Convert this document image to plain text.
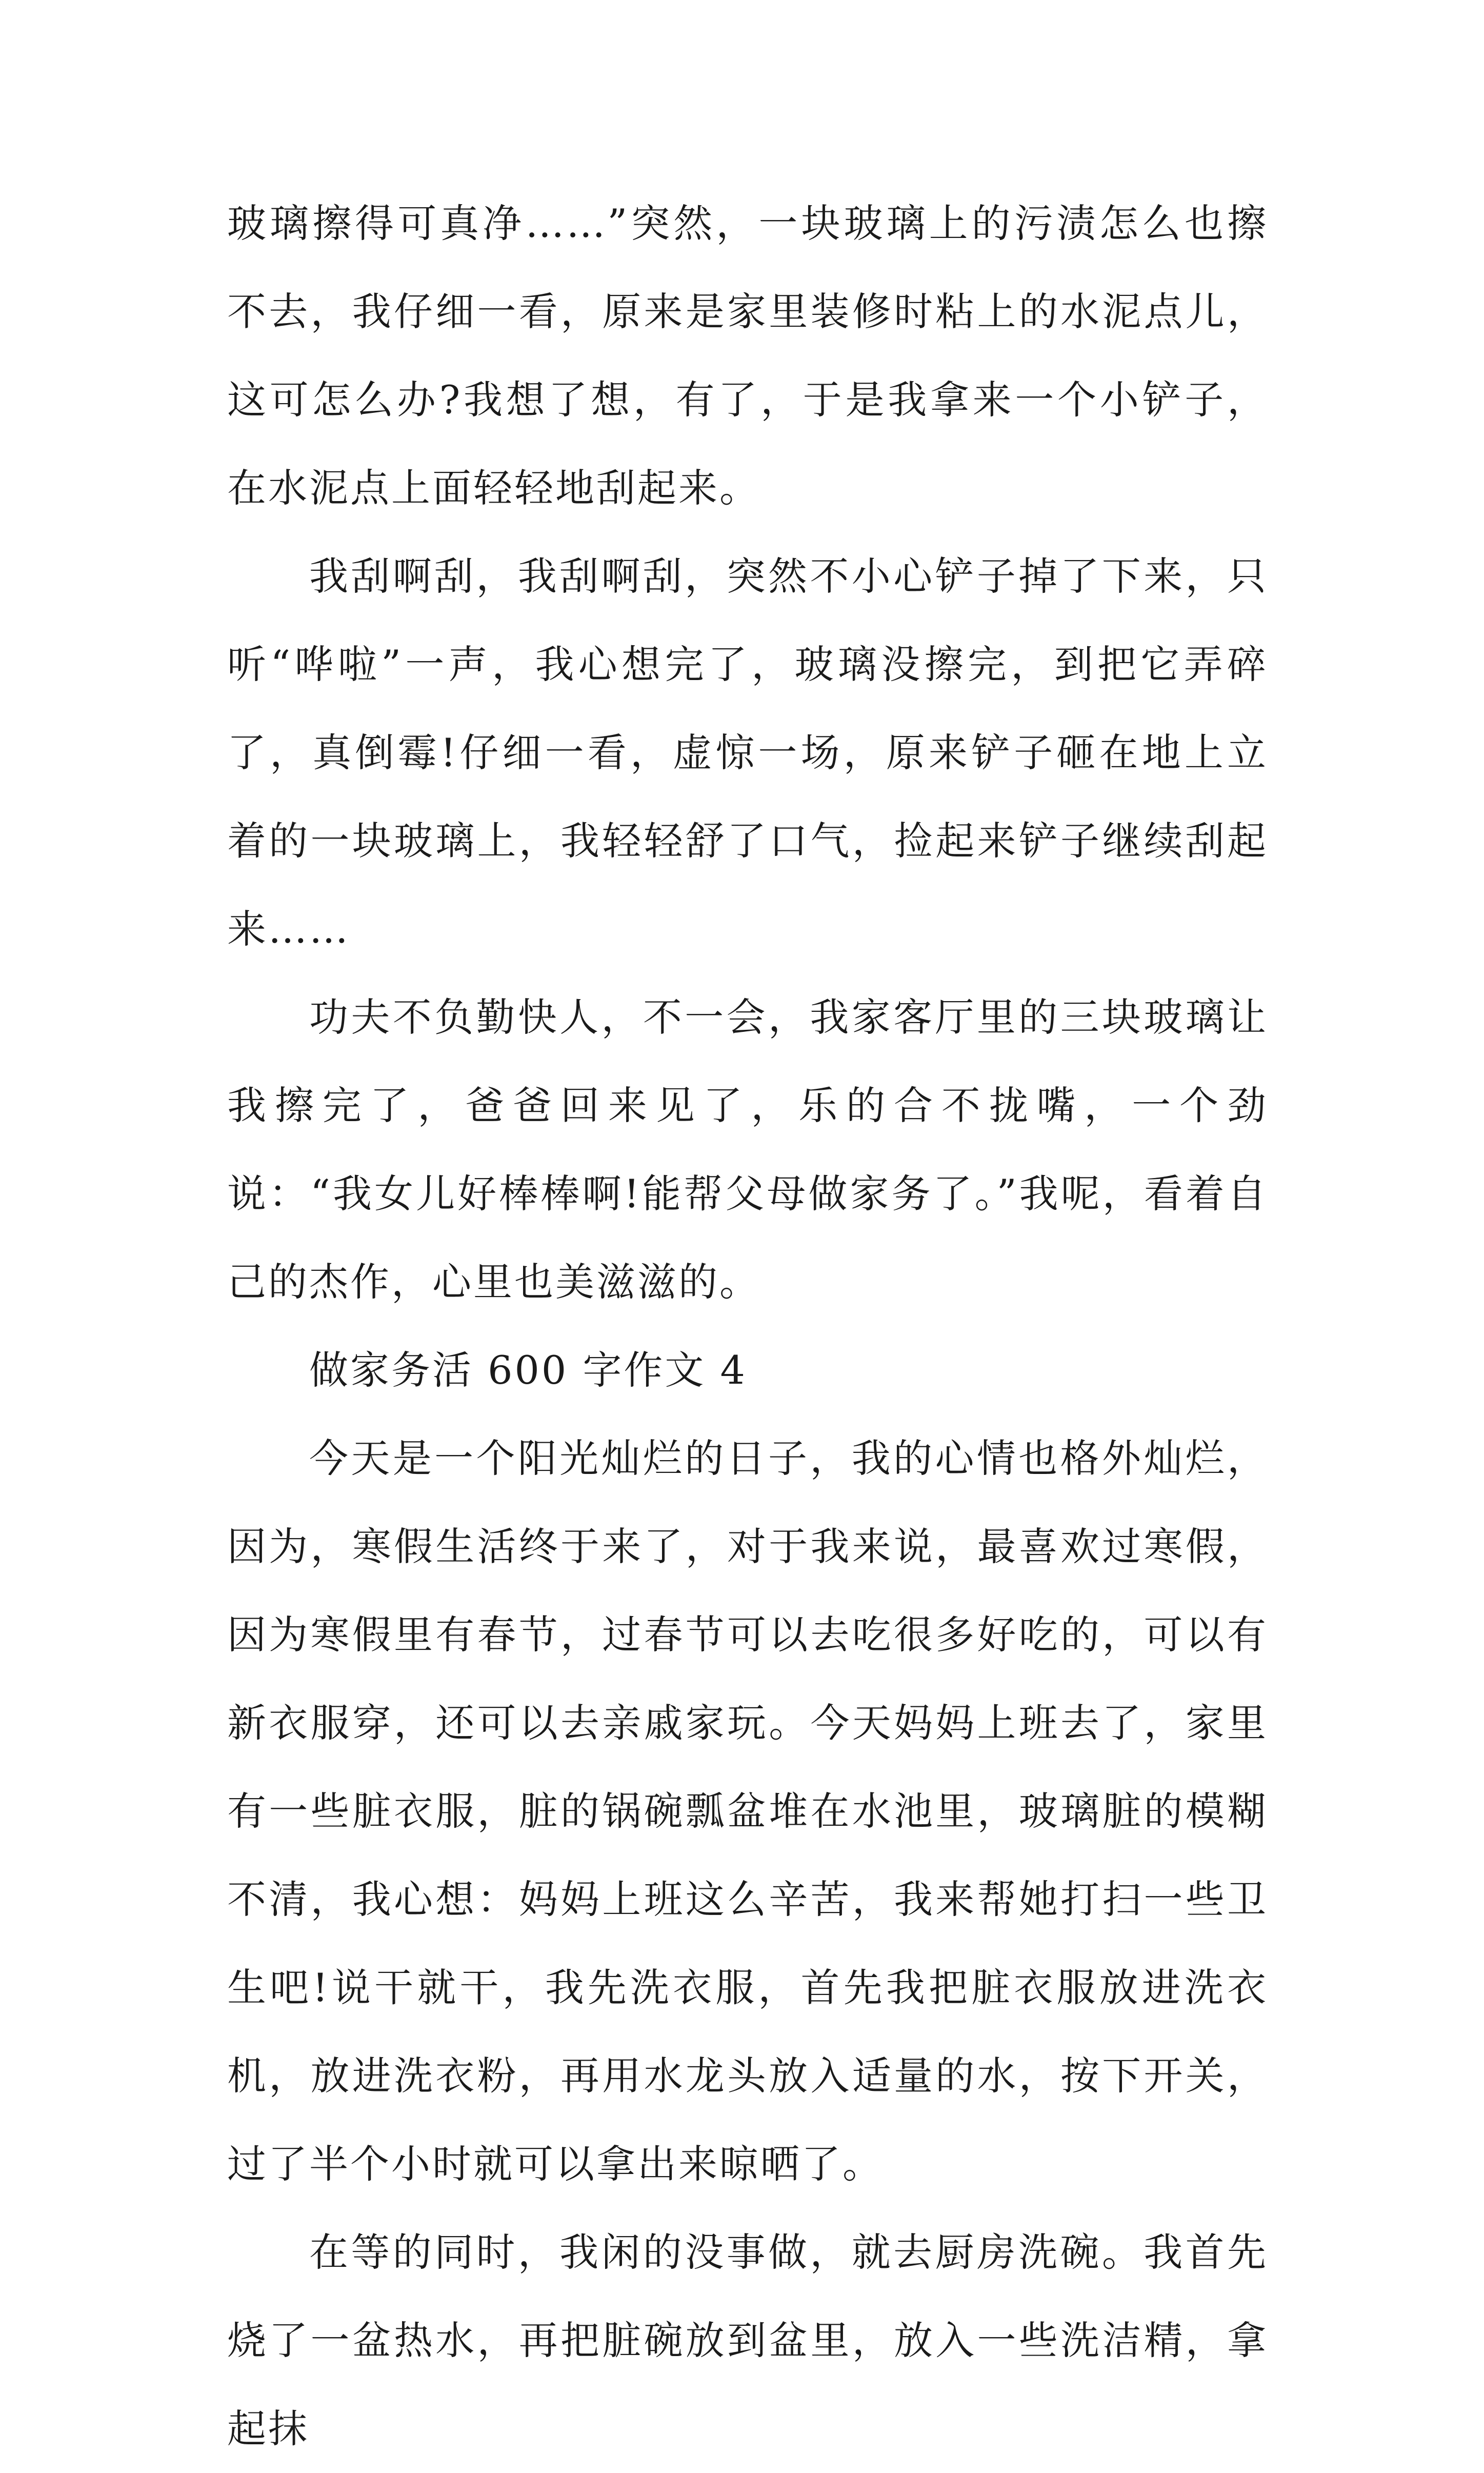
玻璃擦得可真净……”突然，一块玻璃上的污渍怎么也擦不去，我仔细一看，原来是家里装修时粘上的水泥点儿，这可怎么办?我想了想，有了，于是我拿来一个小铲子，在水泥点上面轻轻地刮起来。

我刮啊刮，我刮啊刮，突然不小心铲子掉了下来，只听“哗啦”一声，我心想完了，玻璃没擦完，到把它弄碎了，真倒霉!仔细一看，虚惊一场，原来铲子砸在地上立着的一块玻璃上，我轻轻舒了口气，捡起来铲子继续刮起来……

功夫不负勤快人，不一会，我家客厅里的三块玻璃让我擦完了，爸爸回来见了，乐的合不拢嘴，一个劲说：“我女儿好棒棒啊!能帮父母做家务了。”我呢，看着自己的杰作，心里也美滋滋的。

做家务活 600 字作文 4

今天是一个阳光灿烂的日子，我的心情也格外灿烂，因为，寒假生活终于来了，对于我来说，最喜欢过寒假，因为寒假里有春节，过春节可以去吃很多好吃的，可以有新衣服穿，还可以去亲戚家玩。今天妈妈上班去了，家里有一些脏衣服，脏的锅碗瓢盆堆在水池里，玻璃脏的模糊不清，我心想：妈妈上班这么辛苦，我来帮她打扫一些卫生吧!说干就干，我先洗衣服，首先我把脏衣服放进洗衣机，放进洗衣粉，再用水龙头放入适量的水，按下开关，过了半个小时就可以拿出来晾晒了。

在等的同时，我闲的没事做，就去厨房洗碗。我首先烧了一盆热水，再把脏碗放到盆里，放入一些洗洁精，拿起抹
